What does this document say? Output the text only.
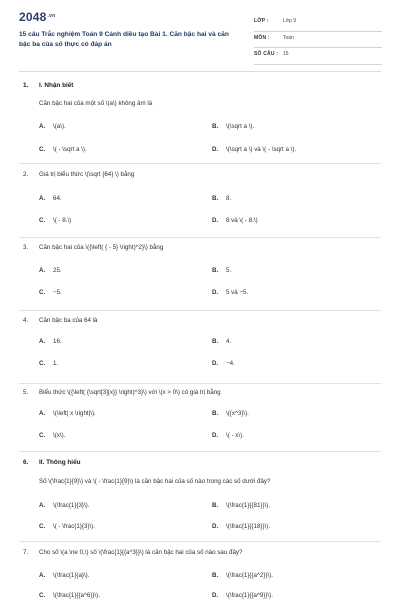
$2048^{.vn}$
15 câu Trắc nghiệm Toán 9 Cánh diều tạo Bài 1. Căn bậc hai và căn bậc ba của số thực có đáp án
LỚP :	Lớp 9
MÔN :	Toán
SỐ CÂU : 15
1. I. Nhận biết
Căn bậc hai của một số \(a\) không âm là
A. \(a\).	B. \(\sqrt a \).
C. \( - \sqrt a \).	D. \(\sqrt a \) và \( - \sqrt a \).
2. Giá trị biểu thức \(\sqrt {64} \) bằng
A. 64.	B. 8.
C. \( - 8.\)	D. 8 và \( - 8.\)
3. Căn bậc hai của \({\left( { - 5} \right)^2}\) bằng
A. 25.	B. 5.
C. −5.	D. 5 và −5.
4. Căn bậc ba của 64 là
A. 16.	B. 4.
C. 1.	D. −4.
5. Biểu thức \({\left( {\sqrt[3]{x}} \right)^3}\) với \(x > 0\) có giá trị bằng
A. \(\left| x \right|\).	B. \({x^3}\).
C. \(x\).	D. \( - x\).
6. II. Thông hiểu
Số \(\frac{1}{9}\) và \( - \frac{1}{9}\) là căn bậc hai của số nào trong các số dưới đây?
A. \(\frac{1}{3}\).	B. \(\frac{1}{{81}}\).
C. \( - \frac{1}{3}\).	D. \(\frac{1}{{18}}\).
7. Cho số \(a \ne 0,\) số \(\frac{1}{{a^3}}\) là căn bậc hai của số nào sau đây?
A. \(\frac{1}{a}\).	B. \(\frac{1}{{a^2}}\).
C. \(\frac{1}{{a^6}}\).	D. \(\frac{1}{{a^9}}\).
